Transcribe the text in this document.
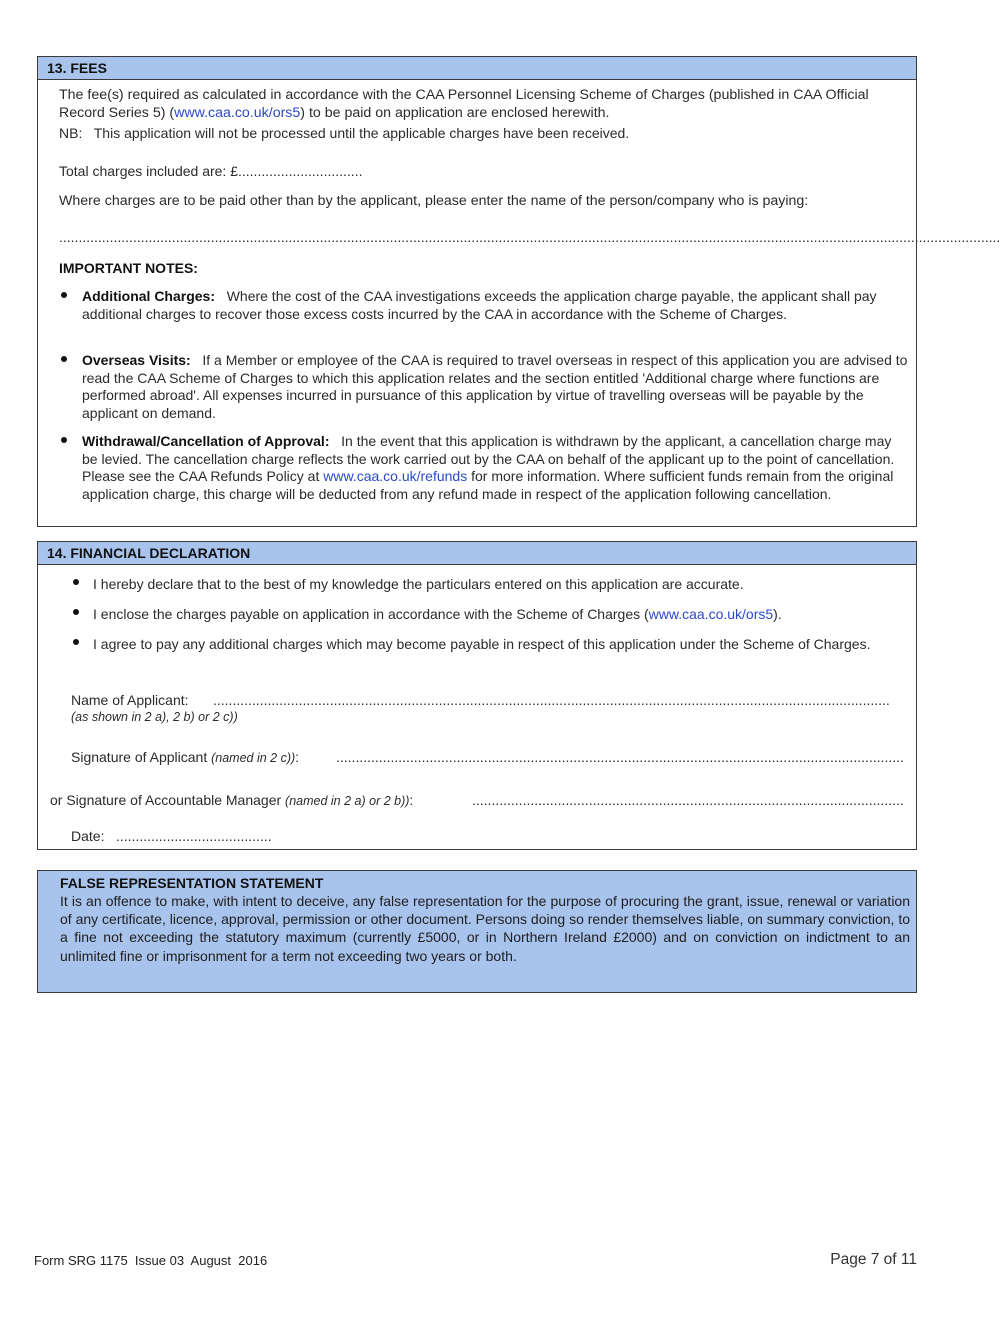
13. FEES

The fee(s) required as calculated in accordance with the CAA Personnel Licensing Scheme of Charges (published in CAA Official Record Series 5) (www.caa.co.uk/ors5) to be paid on application are enclosed herewith.

NB:   This application will not be processed until the applicable charges have been received.

Total charges included are: £................................

Where charges are to be paid other than by the applicant, please enter the name of the person/company who is paying:

..................................................................................................................................................................................................................................................

IMPORTANT NOTES:

Additional Charges: Where the cost of the CAA investigations exceeds the application charge payable, the applicant shall pay additional charges to recover those excess costs incurred by the CAA in accordance with the Scheme of Charges.

Overseas Visits: If a Member or employee of the CAA is required to travel overseas in respect of this application you are advised to read the CAA Scheme of Charges to which this application relates and the section entitled 'Additional charge where functions are performed abroad'. All expenses incurred in pursuance of this application by virtue of travelling overseas will be payable by the applicant on demand.

Withdrawal/Cancellation of Approval: In the event that this application is withdrawn by the applicant, a cancellation charge may be levied. The cancellation charge reflects the work carried out by the CAA on behalf of the applicant up to the point of cancellation. Please see the CAA Refunds Policy at www.caa.co.uk/refunds for more information. Where sufficient funds remain from the original application charge, this charge will be deducted from any refund made in respect of the application following cancellation.

14. FINANCIAL DECLARATION

I hereby declare that to the best of my knowledge the particulars entered on this application are accurate.

I enclose the charges payable on application in accordance with the Scheme of Charges (www.caa.co.uk/ors5).

I agree to pay any additional charges which may become payable in respect of this application under the Scheme of Charges.

Name of Applicant: ..............................................................................................................................................................................

(as shown in 2 a), 2 b) or 2 c))

Signature of Applicant (named in 2 c)):	..................................................................................................................................................

or Signature of Accountable Manager (named in 2 a) or 2 b)):	...............................................................................................................

Date: ........................................

FALSE REPRESENTATION STATEMENT

It is an offence to make, with intent to deceive, any false representation for the purpose of procuring the grant, issue, renewal or variation of any certificate, licence, approval, permission or other document. Persons doing so render themselves liable, on summary conviction, to a fine not exceeding the statutory maximum (currently £5000, or in Northern Ireland £2000) and on conviction on indictment to an unlimited fine or imprisonment for a term not exceeding two years or both.

Form SRG 1175  Issue 03  August  2016	Page 7 of 11
